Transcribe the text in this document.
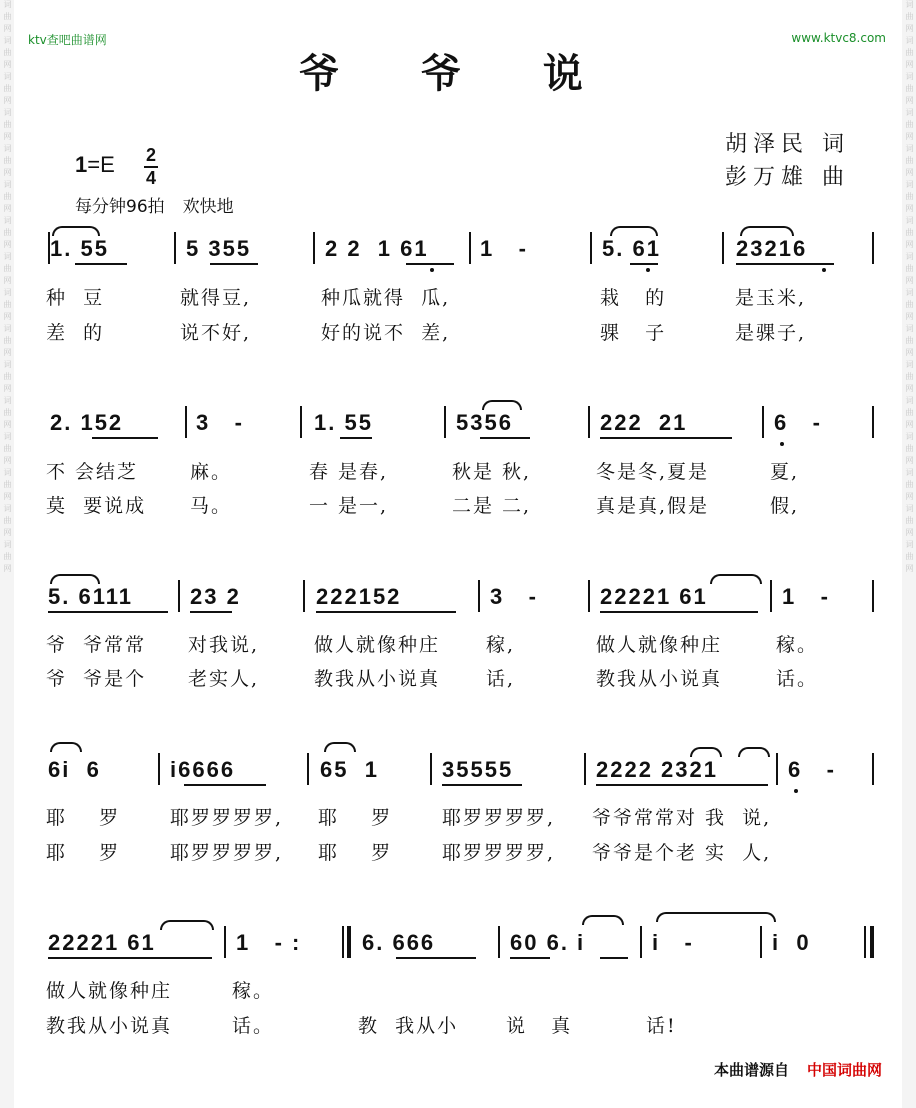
词曲网词曲网词曲网词曲网词曲网词曲网词曲网词曲网词曲网词曲网词曲网词曲网词曲网词曲网词曲网词曲网	词曲网词曲网词曲网词曲网词曲网词曲网词曲网词曲网词曲网词曲网词曲网词曲网词曲网词曲网词曲网词曲网
ktv查吧曲谱网	www.ktvc8.com
爷 爷 说
胡泽民 词
彭万雄 曲
1=E 2
4
每分钟96拍 欢快地
1. 55	5 355	2 2  1 61 1   -	5. 61	23216
种  豆	就得豆,	种瓜就得  瓜,	栽   的	是玉米,
差  的	说不好,	好的说不  差,	骒   子	是骒子,
2. 152	3   -	1. 55	5356	222  21	6   -
不 会结芝	麻。	春 是春,	秋是 秋,	冬是冬,夏是	夏,
莫  要说成 马。	一 是一,	二是 二,	真是真,假是	假,
5. 6111	23 2	222152	3   -	22221 61	1   -
爷  爷常常 对我说,	做人就像种庄 稼,	做人就像种庄	稼。
爷  爷是个 老实人,	教我从小说真 话,	教我从小说真	话。
6i  6	i6666	65  1	35555	2222 2321	6   -
耶    罗	耶罗罗罗罗, 耶    罗	耶罗罗罗罗, 爷爷常常对 我  说,
耶    罗	耶罗罗罗罗, 耶    罗	耶罗罗罗罗, 爷爷是个老 实  人,
22221 61	1   - :	6. 666	60 6. i	i   -	i  0
做人就像种庄	稼。
教我从小说真	话。	教  我从小	说   真	话!
本曲谱源自 中国词曲网
